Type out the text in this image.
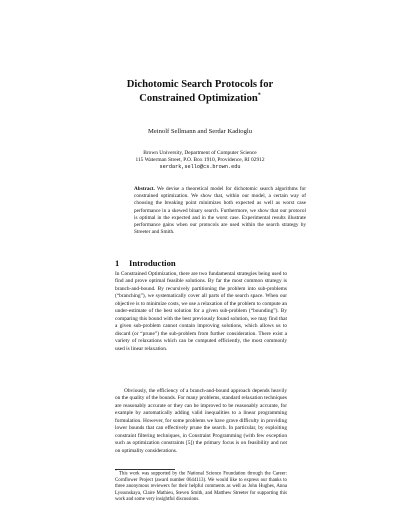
Dichotomic Search Protocols for
Constrained Optimization*
Meinolf Sellmann and Serdar Kadioglu
Brown University, Department of Computer Science
115 Waterman Street, P.O. Box 1910, Providence, RI 02912
serdark,sello@cs.brown.edu
Abstract. We devise a theoretical model for dichotomic search algorithms for constrained optimization. We show that, within our model, a certain way of choosing the breaking point minimizes both expected as well as worst case performance in a skewed binary search. Furthermore, we show that our protocol is optimal in the expected and in the worst case. Experimental results illustrate performance gains when our protocols are used within the search strategy by Streeter and Smith.
1 Introduction
In Constrained Optimization, there are two fundamental strategies being used to find and prove optimal feasible solutions. By far the most common strategy is branch-and-bound. By recursively partitioning the problem into sub-problems (“branching”), we systematically cover all parts of the search space. When our objective is to minimize costs, we use a relaxation of the problem to compute an under-estimate of the best solution for a given sub-problem (“bounding”). By comparing this bound with the best previously found solution, we may find that a given sub-problem cannot contain improving solutions, which allows us to discard (or “prune”) the sub-problem from further consideration. There exist a variety of relaxations which can be computed efficiently, the most commonly used is linear relaxation.
Obviously, the efficiency of a branch-and-bound approach depends heavily on the quality of the bounds. For many problems, standard relaxation techniques are reasonably accurate or they can be improved to be reasonably accurate, for example by automatically adding valid inequalities to a linear programming formulation. However, for some problems we have grave difficulty in providing lower bounds that can effectively prune the search. In particular, by exploiting constraint filtering techniques, in Constraint Programming (with few exception such as optimization constraints [5]) the primary focus is on feasibility and not on optimality considerations.
* This work was supported by the National Science Foundation through the Career: Cornflower Project (award number 0644113). We would like to express our thanks to three anonymous reviewers for their helpful comments as well as John Hughes, Anna Lyssunskaya, Claire Mathieu, Steven Smith, and Matthew Streeter for supporting this work and some very insightful discussions.
